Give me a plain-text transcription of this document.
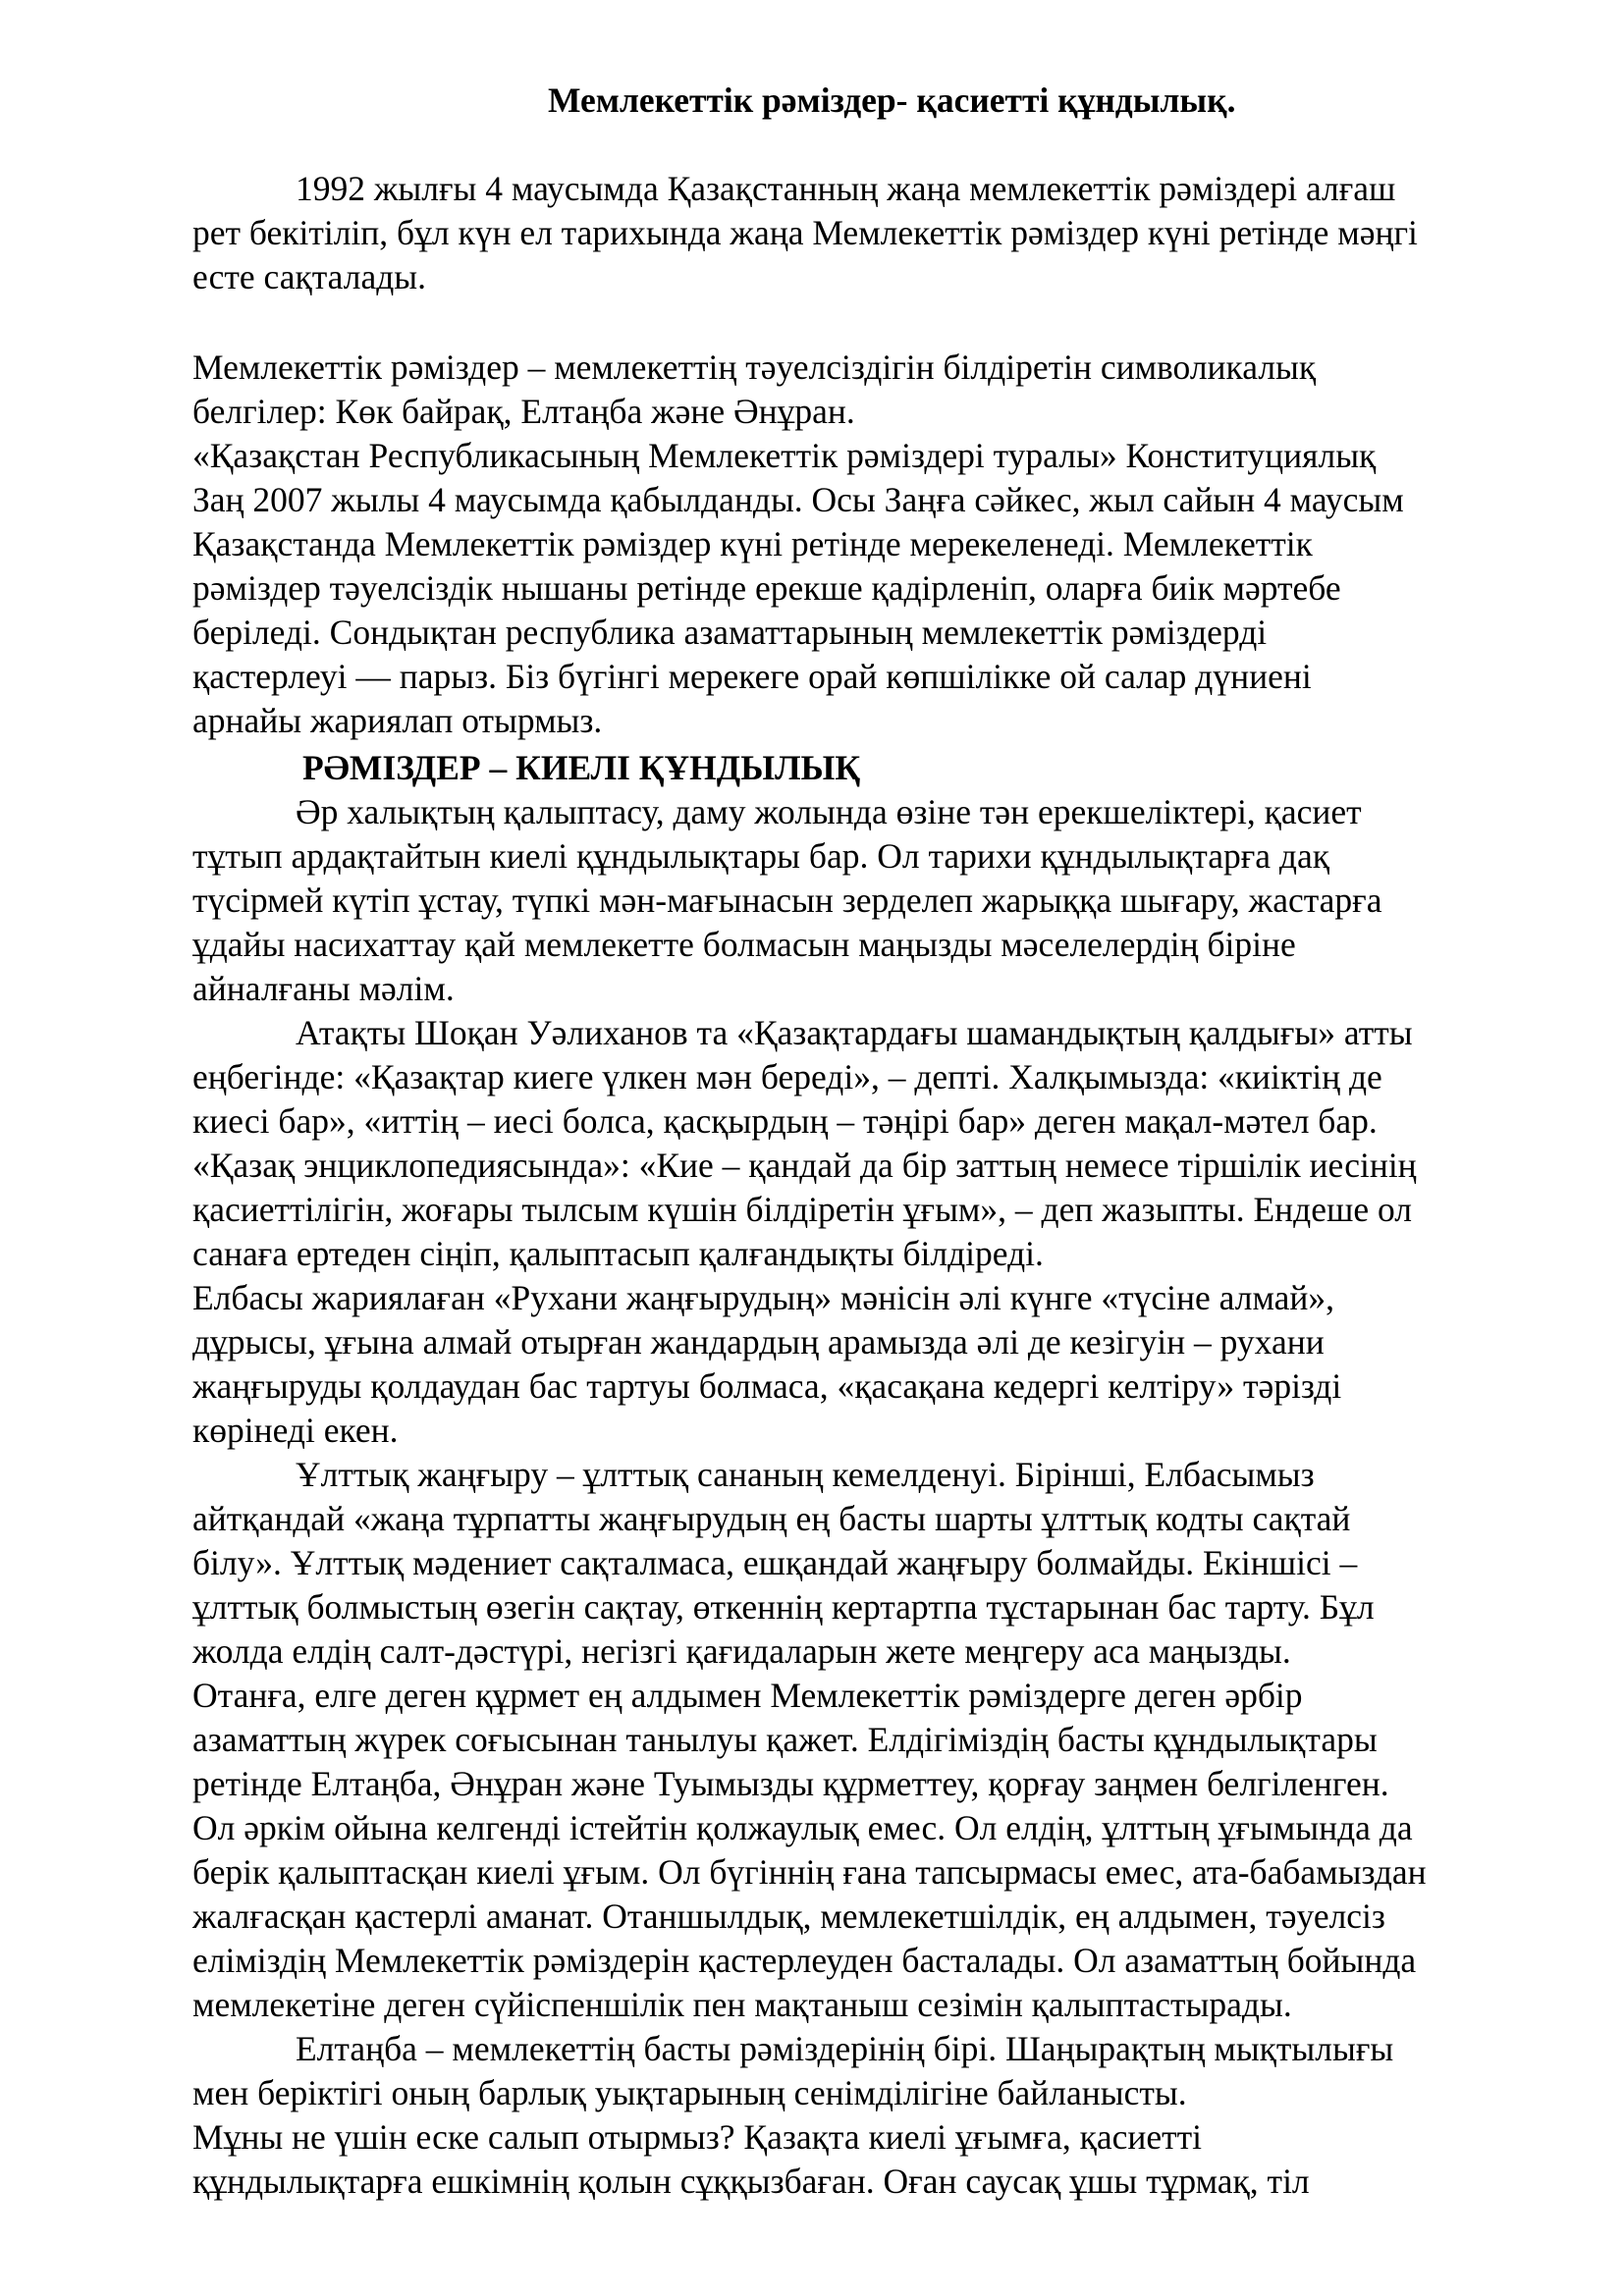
Мемлекеттік рәміздер- қасиетті құндылық.
1992 жылғы 4 маусымда Қазақстанның жаңа мемлекеттік рәміздері алғаш
рет бекітіліп, бұл күн ел тарихында жаңа Мемлекеттік рәміздер күні ретінде мәңгі
есте сақталады.
Мемлекеттік рәміздер – мемлекеттің тәуелсіздігін білдіретін символикалық
белгілер: Көк байрақ, Елтаңба және Әнұран.
«Қазақстан Республикасының Мемлекеттік рәміздері туралы» Конституциялық
Заң 2007 жылы 4 маусымда қабылданды. Осы Заңға сәйкес, жыл сайын 4 маусым
Қазақстанда Мемлекеттік рәміздер күні ретінде мерекеленеді. Мемлекеттік
рәміздер тәуелсіздік нышаны ретінде ерекше қадірленіп, оларға биік мәртебе
беріледі. Сондықтан республика азаматтарының мемлекеттік рәміздерді
қастерлеуі — парыз. Біз бүгінгі мерекеге орай көпшілікке ой салар дүниені
арнайы жариялап отырмыз.
РӘМІЗДЕР – КИЕЛІ ҚҰНДЫЛЫҚ
Әр халықтың қалыптасу, даму жолында өзіне тән ерекшеліктері, қасиет
тұтып ардақтайтын киелі құндылықтары бар. Ол тарихи құндылықтарға дақ
түсірмей күтіп ұстау, түпкі мән-мағынасын зерделеп жарыққа шығару, жастарға
ұдайы насихаттау қай мемлекетте болмасын маңызды мәселелердің біріне
айналғаны мәлім.
Атақты Шоқан Уәлиханов та «Қазақтардағы шамандықтың қалдығы» атты
еңбегінде: «Қазақтар киеге үлкен мән береді», – депті. Халқымызда: «киіктің де
киесі бар», «иттің – иесі болса, қасқырдың – тәңірі бар» деген мақал-мәтел бар.
«Қазақ энциклопедиясында»: «Кие – қандай да бір заттың немесе тіршілік иесінің
қасиеттілігін, жоғары тылсым күшін білдіретін ұғым», – деп жазыпты. Ендеше ол
санаға ертеден сіңіп, қалыптасып қалғандықты білдіреді.
Елбасы жариялаған «Рухани жаңғырудың» мәнісін әлі күнге «түсіне алмай»,
дұрысы, ұғына алмай отырған жандардың арамызда әлі де кезігуін – рухани
жаңғыруды қолдаудан бас тартуы болмаса, «қасақана кедергі келтіру» тәрізді
көрінеді екен.
Ұлттық жаңғыру – ұлттық сананың кемелденуі. Біріншi, Елбасымыз
айтқандай «жаңа тұрпатты жаңғырудың ең басты шарты ұлттық кодты сақтай
білу». Ұлттық мәдениет сақталмаса, ешқандай жаңғыру болмайды. Екіншісі –
ұлттық болмыстың өзегін сақтау, өткеннің кертартпа тұстарынан бас тарту. Бұл
жолда елдің салт-дәстүрі, негізгі қағидаларын жете меңгеру аса маңызды.
Отанға, елге деген құрмет ең алдымен Мемлекеттік рәміздерге деген әрбір
азаматтың жүрек соғысынан танылуы қажет. Елдігіміздің басты құндылықтары
ретінде Елтаңба, Әнұран және Туымызды құрметтеу, қорғау заңмен белгіленген.
Ол әркім ойына келгенді істейтін қолжаулық емес. Ол елдің, ұлттың ұғымында да
берік қалыптасқан киелі ұғым. Ол бүгіннің ғана тапсырмасы емес, ата-бабамыздан
жалғасқан қастерлі аманат. Отаншылдық, мемлекетшілдік, ең алдымен, тәуелсіз
еліміздің Мемлекеттік рәміздерін қастерлеуден басталады. Ол азаматтың бойында
мемлекетіне деген сүйіспеншілік пен мақтаныш сезімін қалыптастырады.
Елтаңба – мемлекеттің басты рәміздерінің бірі. Шаңырақтың мықтылығы
мен беріктігі оның барлық уықтарының сенімділігіне байланысты.
Мұны не үшін еске салып отырмыз? Қазақта киелі ұғымға, қасиетті
құндылықтарға ешкімнің қолын сұққызбаған. Оған саусақ ұшы тұрмақ, тіл
